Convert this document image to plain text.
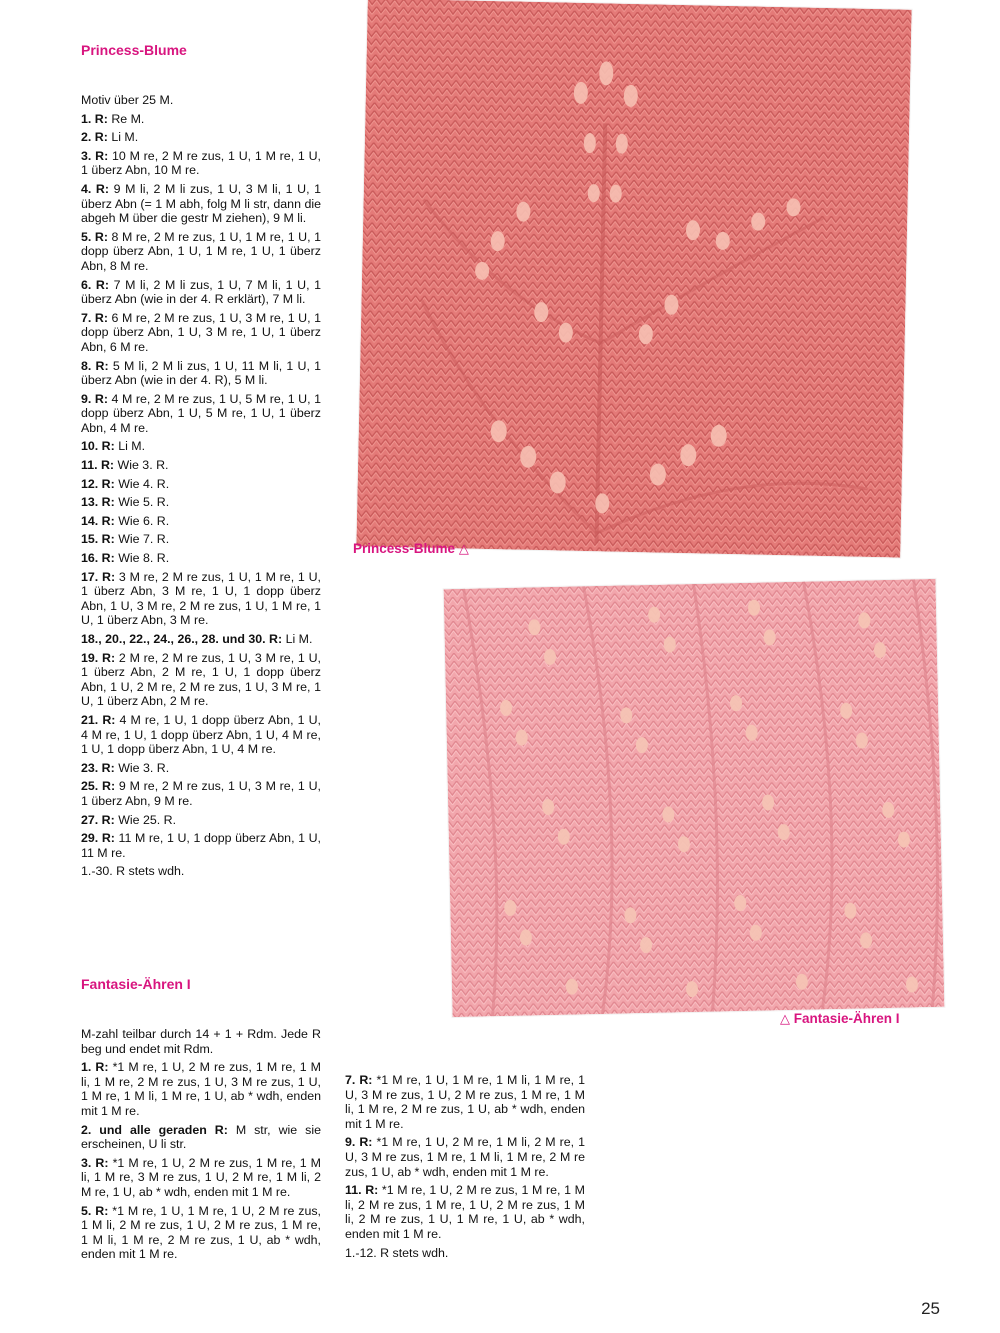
Princess-Blume
Motiv über 25 M.
1. R: Re M.
2. R: Li M.
3. R: 10 M re, 2 M re zus, 1 U, 1 M re, 1 U, 1 überz Abn, 10 M re.
4. R: 9 M li, 2 M li zus, 1 U, 3 M li, 1 U, 1 überz Abn (= 1 M abh, folg M li str, dann die abgeh M über die gestr M ziehen), 9 M li.
5. R: 8 M re, 2 M re zus, 1 U, 1 M re, 1 U, 1 dopp überz Abn, 1 U, 1 M re, 1 U, 1 überz Abn, 8 M re.
6. R: 7 M li, 2 M li zus, 1 U, 7 M li, 1 U, 1 überz Abn (wie in der 4. R erklärt), 7 M li.
7. R: 6 M re, 2 M re zus, 1 U, 3 M re, 1 U, 1 dopp überz Abn, 1 U, 3 M re, 1 U, 1 überz Abn, 6 M re.
8. R: 5 M li, 2 M li zus, 1 U, 11 M li, 1 U, 1 überz Abn (wie in der 4. R), 5 M li.
9. R: 4 M re, 2 M re zus, 1 U, 5 M re, 1 U, 1 dopp überz Abn, 1 U, 5 M re, 1 U, 1 überz Abn, 4 M re.
10. R: Li M.
11. R: Wie 3. R.
12. R: Wie 4. R.
13. R: Wie 5. R.
14. R: Wie 6. R.
15. R: Wie 7. R.
16. R: Wie 8. R.
17. R: 3 M re, 2 M re zus, 1 U, 1 M re, 1 U, 1 überz Abn, 3 M re, 1 U, 1 dopp überz Abn, 1 U, 3 M re, 2 M re zus, 1 U, 1 M re, 1 U, 1 überz Abn, 3 M re.
18., 20., 22., 24., 26., 28. und 30. R: Li M.
19. R: 2 M re, 2 M re zus, 1 U, 3 M re, 1 U, 1 überz Abn, 2 M re, 1 U, 1 dopp überz Abn, 1 U, 2 M re, 2 M re zus, 1 U, 3 M re, 1 U, 1 überz Abn, 2 M re.
21. R: 4 M re, 1 U, 1 dopp überz Abn, 1 U, 4 M re, 1 U, 1 dopp überz Abn, 1 U, 4 M re, 1 U, 1 dopp überz Abn, 1 U, 4 M re.
23. R: Wie 3. R.
25. R: 9 M re, 2 M re zus, 1 U, 3 M re, 1 U, 1 überz Abn, 9 M re.
27. R: Wie 25. R.
29. R: 11 M re, 1 U, 1 dopp überz Abn, 1 U, 11 M re.
1.-30. R stets wdh.
Fantasie-Ähren I
M-zahl teilbar durch 14 + 1 + Rdm. Jede R beg und endet mit Rdm.
1. R: *1 M re, 1 U, 2 M re zus, 1 M re, 1 M li, 1 M re, 2 M re zus, 1 U, 3 M re zus, 1 U, 1 M re, 1 M li, 1 M re, 1 U, ab * wdh, enden mit 1 M re.
2. und alle geraden R: M str, wie sie erscheinen, U li str.
3. R: *1 M re, 1 U, 2 M re zus, 1 M re, 1 M li, 1 M re, 3 M re zus, 1 U, 2 M re, 1 M li, 2 M re, 1 U, ab * wdh, enden mit 1 M re.
5. R: *1 M re, 1 U, 1 M re, 1 U, 2 M re zus, 1 M li, 2 M re zus, 1 U, 2 M re zus, 1 M re, 1 M li, 1 M re, 2 M re zus, 1 U, ab * wdh, enden mit 1 M re.
7. R: *1 M re, 1 U, 1 M re, 1 M li, 1 M re, 1 U, 3 M re zus, 1 U, 2 M re zus, 1 M re, 1 M li, 1 M re, 2 M re zus, 1 U, ab * wdh, enden mit 1 M re.
9. R: *1 M re, 1 U, 2 M re, 1 M li, 2 M re, 1 U, 3 M re zus, 1 M re, 1 M li, 1 M re, 2 M re zus, 1 U, ab * wdh, enden mit 1 M re.
11. R: *1 M re, 1 U, 2 M re zus, 1 M re, 1 M li, 2 M re zus, 1 M re, 1 U, 2 M re zus, 1 M li, 2 M re zus, 1 U, 1 M re, 1 U, ab * wdh, enden mit 1 M re.
1.-12. R stets wdh.
Princess-Blume △
△ Fantasie-Ähren I
25
